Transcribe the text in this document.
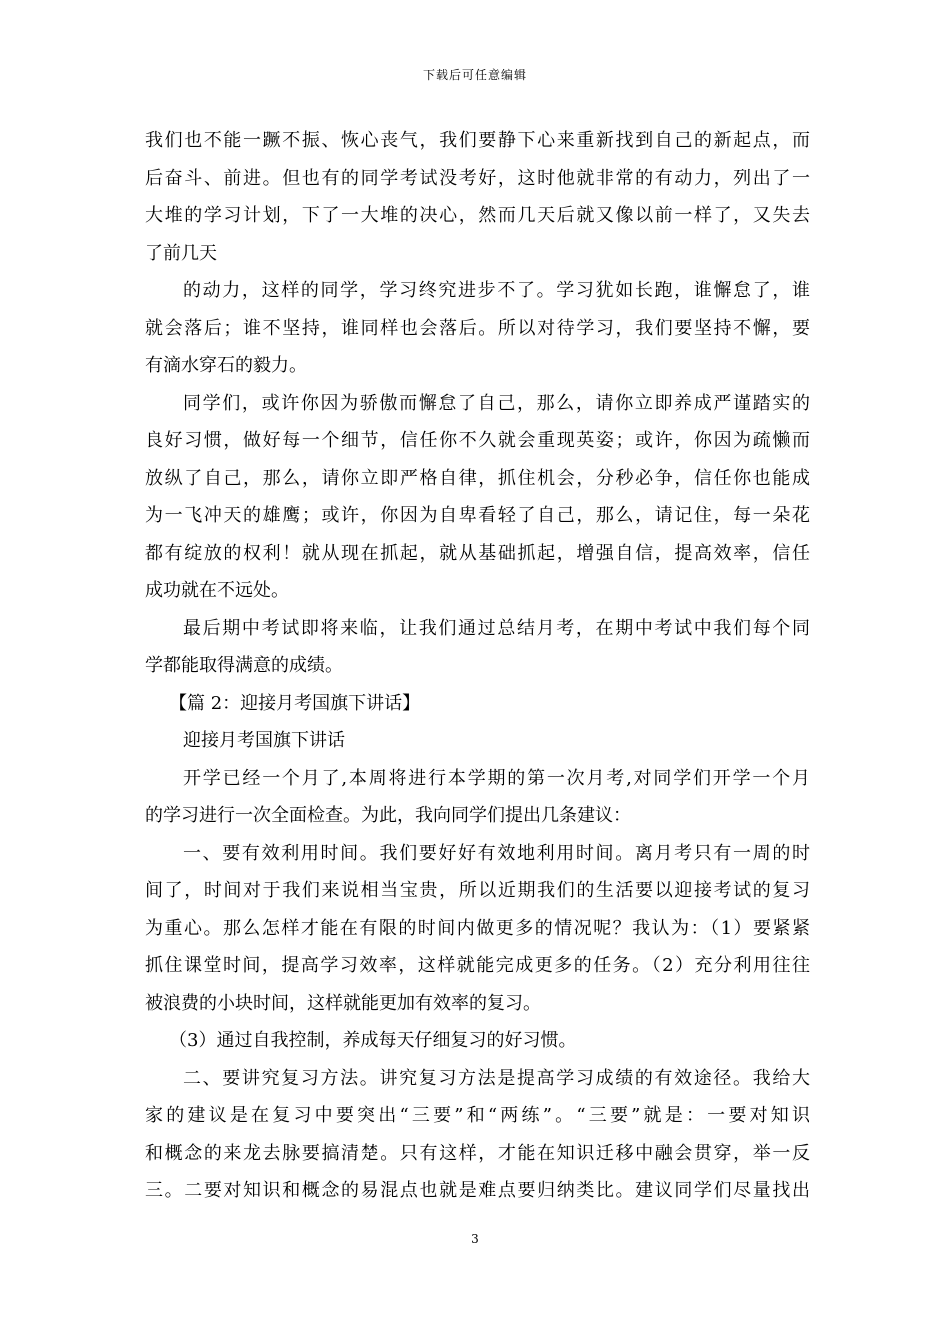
下载后可任意编辑
我们也不能一蹶不振、恢心丧气，我们要静下心来重新找到自己的新起点，而
后奋斗、前进。但也有的同学考试没考好，这时他就非常的有动力，列出了一
大堆的学习计划，下了一大堆的决心，然而几天后就又像以前一样了，又失去
了前几天
的动力，这样的同学，学习终究进步不了。学习犹如长跑，谁懈怠了，谁
就会落后；谁不坚持，谁同样也会落后。所以对待学习，我们要坚持不懈，要
有滴水穿石的毅力。
同学们，或许你因为骄傲而懈怠了自己，那么，请你立即养成严谨踏实的
良好习惯，做好每一个细节，信任你不久就会重现英姿；或许，你因为疏懒而
放纵了自己，那么，请你立即严格自律，抓住机会，分秒必争，信任你也能成
为一飞冲天的雄鹰；或许，你因为自卑看轻了自己，那么，请记住，每一朵花
都有绽放的权利！就从现在抓起，就从基础抓起，增强自信，提高效率，信任
成功就在不远处。
最后期中考试即将来临，让我们通过总结月考，在期中考试中我们每个同
学都能取得满意的成绩。
【篇 2：迎接月考国旗下讲话】
迎接月考国旗下讲话
开学已经一个月了,本周将进行本学期的第一次月考,对同学们开学一个月
的学习进行一次全面检查。为此，我向同学们提出几条建议：
一、要有效利用时间。我们要好好有效地利用时间。离月考只有一周的时
间了，时间对于我们来说相当宝贵，所以近期我们的生活要以迎接考试的复习
为重心。那么怎样才能在有限的时间内做更多的情况呢？我认为：（1）要紧紧
抓住课堂时间，提高学习效率，这样就能完成更多的任务。（2）充分利用往往
被浪费的小块时间，这样就能更加有效率的复习。
（3）通过自我控制，养成每天仔细复习的好习惯。
二、要讲究复习方法。讲究复习方法是提高学习成绩的有效途径。我给大
家的建议是在复习中要突出“三要”和“两练”。“三要”就是：一要对知识
和概念的来龙去脉要搞清楚。只有这样，才能在知识迁移中融会贯穿，举一反
三。二要对知识和概念的易混点也就是难点要归纳类比。建议同学们尽量找出
3
